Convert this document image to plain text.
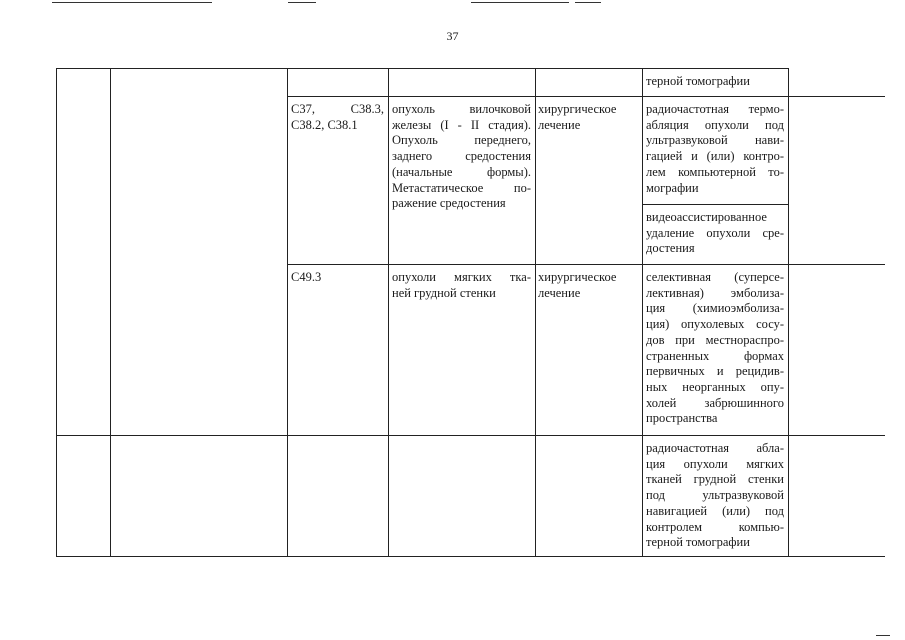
37
терной томографии
С37, С38.3,
С38.2, С38.1
опухоль вилочковой
железы (I - II стадия).
Опухоль переднего,
заднего средостения
(начальные формы).
Метастатическое по-
ражение средостения
хирургическое
лечение
радиочастотная термо-
абляция опухоли под
ультразвуковой нави-
гацией и (или) контро-
лем компьютерной то-
мографии
видеоассистированное
удаление опухоли сре-
достения
С49.3	опухоли мягких тка-
ней грудной стенки
хирургическое
лечение
селективная (суперсе-
лективная) эмболиза-
ция (химиоэмболиза-
ция) опухолевых сосу-
дов при местнораспро-
страненных формах
первичных и рецидив-
ных неорганных опу-
холей забрюшинного
пространства
радиочастотная абла-
ция опухоли мягких
тканей грудной стенки
под ультразвуковой
навигацией (или) под
контролем компью-
терной томографии
